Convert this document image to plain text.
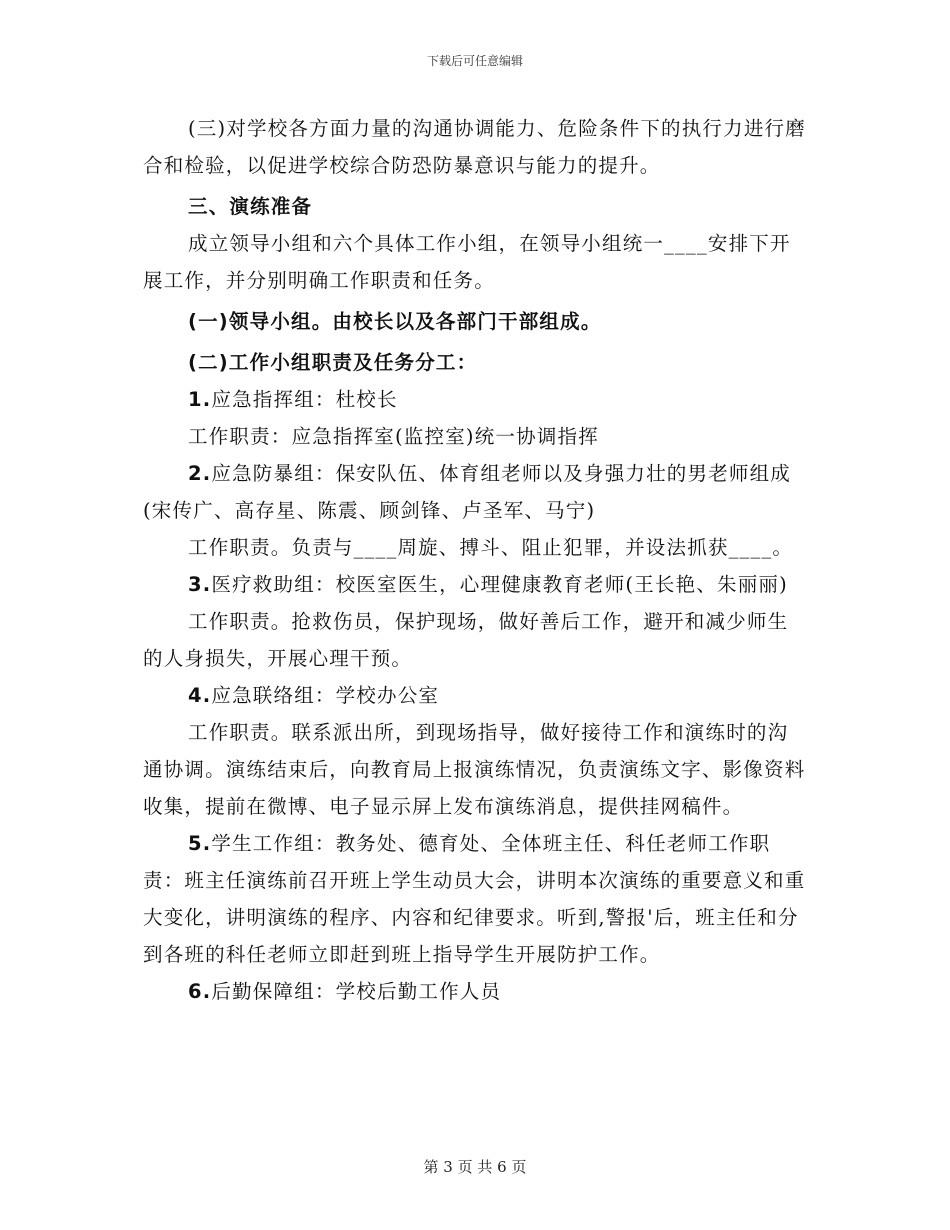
下载后可任意编辑

(三)对学校各方面力量的沟通协调能力、危险条件下的执行力进行磨合和检验，以促进学校综合防恐防暴意识与能力的提升。

三、演练准备

成立领导小组和六个具体工作小组，在领导小组统一____安排下开展工作，并分别明确工作职责和任务。

(一)领导小组。由校长以及各部门干部组成。

(二)工作小组职责及任务分工：

1.应急指挥组：杜校长

工作职责：应急指挥室(监控室)统一协调指挥

2.应急防暴组：保安队伍、体育组老师以及身强力壮的男老师组成(宋传广、高存星、陈震、顾剑锋、卢圣军、马宁)

工作职责。负责与____周旋、搏斗、阻止犯罪，并设法抓获____。

3.医疗救助组：校医室医生，心理健康教育老师(王长艳、朱丽丽)

工作职责。抢救伤员，保护现场，做好善后工作，避开和减少师生的人身损失，开展心理干预。

4.应急联络组：学校办公室

工作职责。联系派出所，到现场指导，做好接待工作和演练时的沟通协调。演练结束后，向教育局上报演练情况，负责演练文字、影像资料收集，提前在微博、电子显示屏上发布演练消息，提供挂网稿件。

5.学生工作组：教务处、德育处、全体班主任、科任老师工作职责：班主任演练前召开班上学生动员大会，讲明本次演练的重要意义和重大变化，讲明演练的程序、内容和纪律要求。听到,警报'后，班主任和分到各班的科任老师立即赶到班上指导学生开展防护工作。

6.后勤保障组：学校后勤工作人员

第 3 页 共 6 页
